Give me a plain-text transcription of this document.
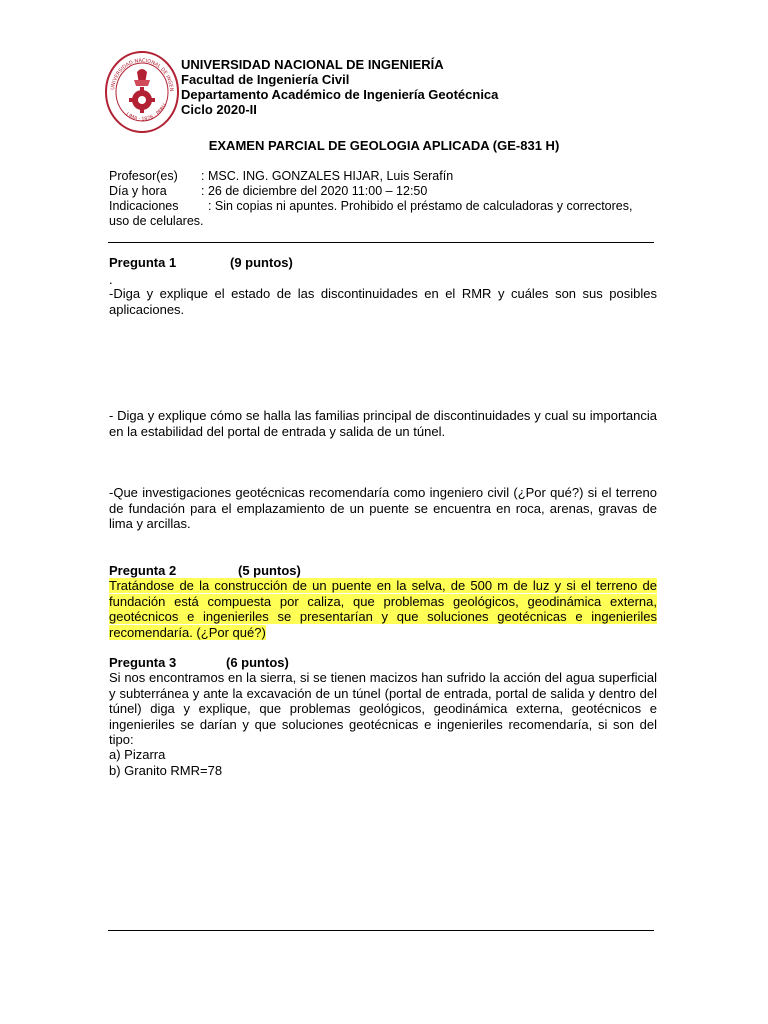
UNIVERSIDAD NACIONAL DE INGEN
LIMA · 1876 · PERU
UNIVERSIDAD NACIONAL DE INGENIERÍA
Facultad de Ingeniería Civil
Departamento Académico de Ingeniería Geotécnica
Ciclo 2020-II
EXAMEN PARCIAL DE GEOLOGIA APLICADA (GE-831 H)
Profesor(es)	: MSC. ING. GONZALES HIJAR, Luis Serafín
Día y hora	: 26 de diciembre del 2020 11:00 – 12:50
Indicaciones	: Sin copias ni apuntes. Prohibido el préstamo de calculadoras y correctores,
uso de celulares.
Pregunta 1	(9 puntos)
.
-Diga y explique el estado de las discontinuidades en el RMR y cuáles son sus posibles aplicaciones.
- Diga y explique cómo se halla las familias principal de discontinuidades y cual su importancia en la estabilidad del portal de entrada y salida de un túnel.
-Que investigaciones geotécnicas recomendaría como ingeniero civil (¿Por qué?) si el terreno de fundación para el emplazamiento de un puente se encuentra en roca, arenas, gravas de lima y arcillas.
Pregunta 2	(5 puntos)
Tratándose de la construcción de un puente en la selva, de 500 m de luz y si el terreno de fundación está compuesta por caliza, que problemas geológicos, geodinámica externa, geotécnicos e ingenieriles se presentarían y que soluciones geotécnicas e ingenieriles recomendaría. (¿Por qué?)
Pregunta 3	(6 puntos)
Si nos encontramos en la sierra, si se tienen macizos han sufrido la acción del agua superficial y subterránea y ante la excavación de un túnel (portal de entrada, portal de salida y dentro del túnel) diga y explique, que problemas geológicos, geodinámica externa, geotécnicos e ingenieriles se darían y que soluciones geotécnicas e ingenieriles recomendaría, si son del tipo:
a) Pizarra
b) Granito RMR=78
